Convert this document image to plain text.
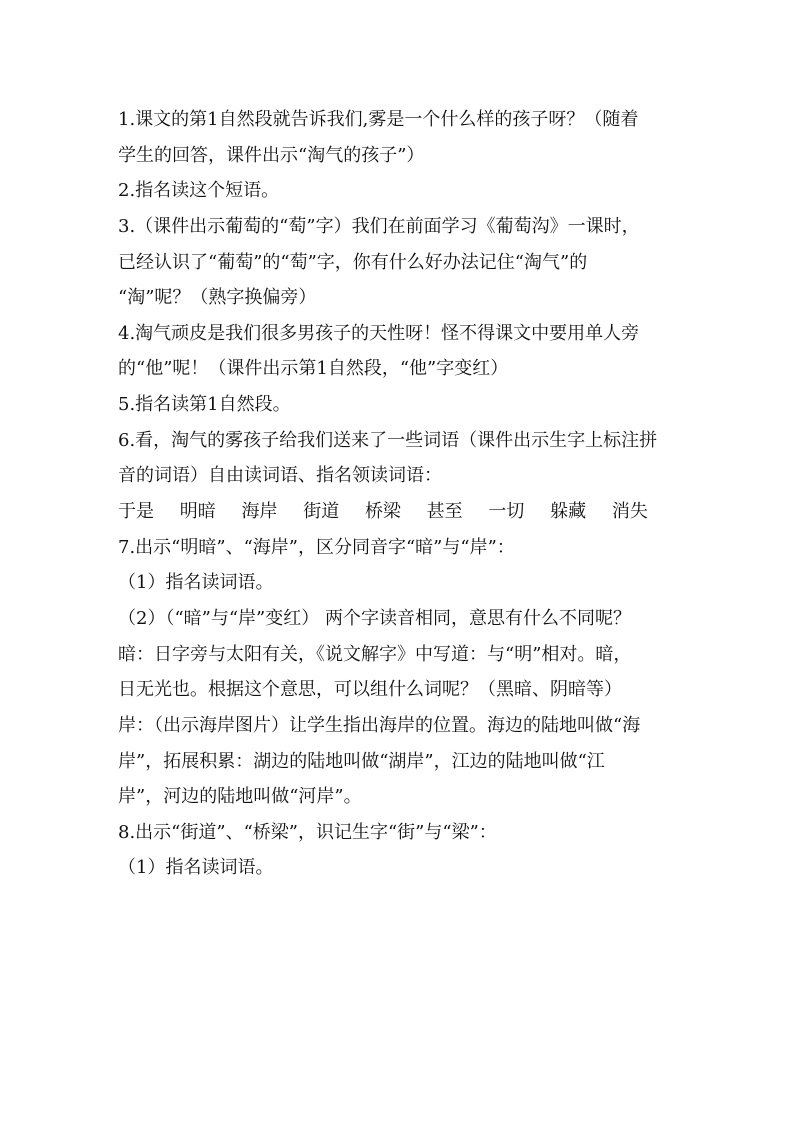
1.课文的第1自然段就告诉我们,雾是一个什么样的孩子呀？（随着
学生的回答，课件出示“淘气的孩子”）
2.指名读这个短语。
3.（课件出示葡萄的“萄”字）我们在前面学习《葡萄沟》一课时，
已经认识了“葡萄”的“萄”字，你有什么好办法记住“淘气”的
“淘”呢？（熟字换偏旁）
4.淘气顽皮是我们很多男孩子的天性呀！怪不得课文中要用单人旁
的“他”呢！（课件出示第1自然段，“他”字变红）
5.指名读第1自然段。
6.看，淘气的雾孩子给我们送来了一些词语（课件出示生字上标注拼
音的词语）自由读词语、指名领读词语：
于是 明暗 海岸 街道 桥梁 甚至 一切 躲藏 消失
7.出示“明暗”、“海岸”，区分同音字“暗”与“岸”：
（1）指名读词语。
（2）（“暗”与“岸”变红） 两个字读音相同，意思有什么不同呢？
暗：日字旁与太阳有关，《说文解字》中写道：与“明”相对。暗，
日无光也。根据这个意思，可以组什么词呢？（黑暗、阴暗等）
岸：（出示海岸图片）让学生指出海岸的位置。海边的陆地叫做“海
岸”，拓展积累：湖边的陆地叫做“湖岸”，江边的陆地叫做“江
岸”，河边的陆地叫做“河岸”。
8.出示“街道”、“桥梁”，识记生字“街”与“梁”：
（1）指名读词语。
